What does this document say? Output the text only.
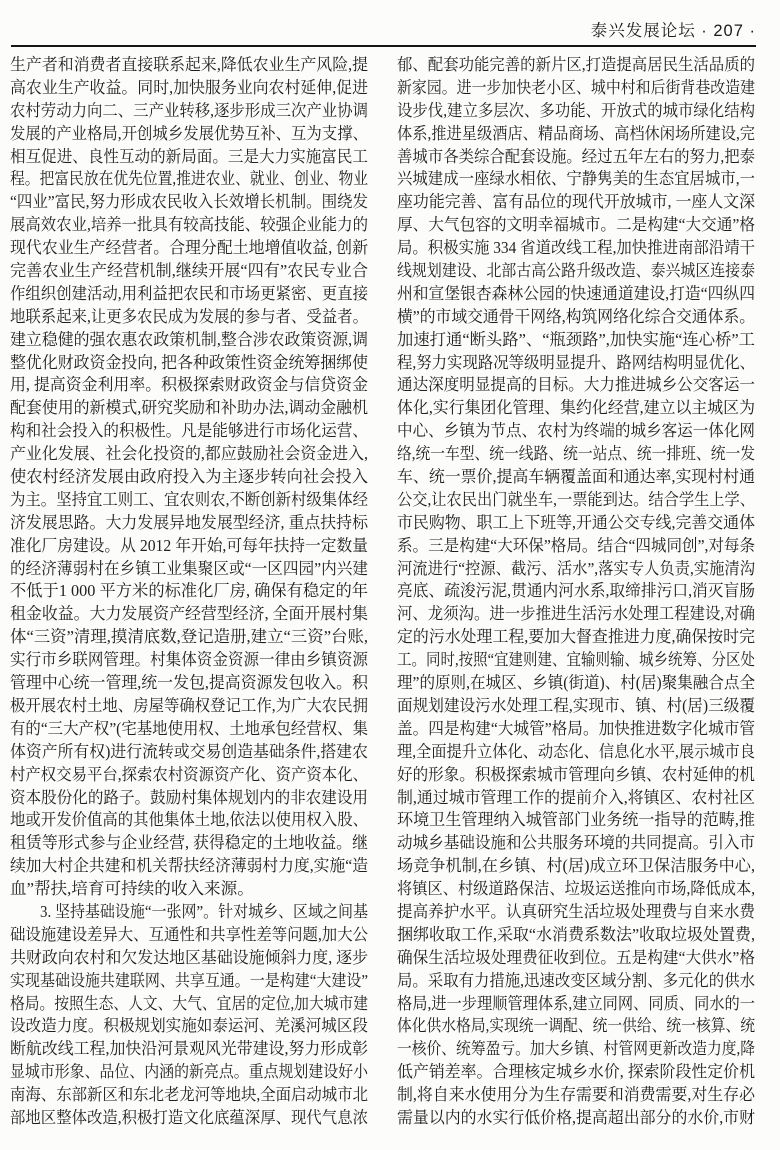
泰兴发展论坛 · 207 ·
生产者和消费者直接联系起来,降低农业生产风险,提
高农业生产收益。同时,加快服务业向农村延伸,促进
农村劳动力向二、三产业转移,逐步形成三次产业协调
发展的产业格局,开创城乡发展优势互补、互为支撑、
相互促进、良性互动的新局面。三是大力实施富民工
程。把富民放在优先位置,推进农业、就业、创业、物业
“四业”富民,努力形成农民收入长效增长机制。围绕发
展高效农业,培养一批具有较高技能、较强企业能力的
现代农业生产经营者。合理分配土地增值收益, 创新
完善农业生产经营机制,继续开展“四有”农民专业合
作组织创建活动,用利益把农民和市场更紧密、更直接
地联系起来,让更多农民成为发展的参与者、受益者。
建立稳健的强农惠农政策机制,整合涉农政策资源,调
整优化财政资金投向, 把各种政策性资金统筹捆绑使
用, 提高资金利用率。积极探索财政资金与信贷资金
配套使用的新模式,研究奖励和补助办法,调动金融机
构和社会投入的积极性。凡是能够进行市场化运营、
产业化发展、社会化投资的,都应鼓励社会资金进入,
使农村经济发展由政府投入为主逐步转向社会投入
为主。坚持宜工则工、宜农则农,不断创新村级集体经
济发展思路。大力发展异地发展型经济, 重点扶持标
准化厂房建设。从 2012 年开始,可每年扶持一定数量
的经济薄弱村在乡镇工业集聚区或“一区四园”内兴建
不低于1 000 平方米的标准化厂房, 确保有稳定的年
租金收益。大力发展资产经营型经济, 全面开展村集
体“三资”清理,摸清底数,登记造册,建立“三资”台账,
实行市乡联网管理。村集体资金资源一律由乡镇资源
管理中心统一管理,统一发包,提高资源发包收入。积
极开展农村土地、房屋等确权登记工作,为广大农民拥
有的“三大产权”(宅基地使用权、土地承包经营权、集
体资产所有权)进行流转或交易创造基础条件,搭建农
村产权交易平台,探索农村资源资产化、资产资本化、
资本股份化的路子。鼓励村集体规划内的非农建设用
地或开发价值高的其他集体土地,依法以使用权入股、
租赁等形式参与企业经营, 获得稳定的土地收益。继
续加大村企共建和机关帮扶经济薄弱村力度,实施“造
血”帮扶,培育可持续的收入来源。
　　3. 坚持基础设施“一张网”。针对城乡、区域之间基
础设施建设差异大、互通性和共享性差等问题,加大公
共财政向农村和欠发达地区基础设施倾斜力度, 逐步
实现基础设施共建联网、共享互通。一是构建“大建设”
格局。按照生态、人文、大气、宜居的定位,加大城市建
设改造力度。积极规划实施如泰运河、羌溪河城区段
断航改线工程,加快沿河景观风光带建设,努力形成彰
显城市形象、品位、内涵的新亮点。重点规划建设好小
南海、东部新区和东北老龙河等地块,全面启动城市北
部地区整体改造,积极打造文化底蕴深厚、现代气息浓
郁、配套功能完善的新片区,打造提高居民生活品质的
新家园。进一步加快老小区、城中村和后街背巷改造建
设步伐,建立多层次、多功能、开放式的城市绿化结构
体系,推进星级酒店、精品商场、高档休闲场所建设,完
善城市各类综合配套设施。经过五年左右的努力,把泰
兴城建成一座绿水相依、宁静隽美的生态宜居城市,一
座功能完善、富有品位的现代开放城市, 一座人文深
厚、大气包容的文明幸福城市。二是构建“大交通”格
局。积极实施 334 省道改线工程,加快推进南部沿靖干
线规划建设、北部古高公路升级改造、泰兴城区连接泰
州和宣堡银杏森林公园的快速通道建设,打造“四纵四
横”的市域交通骨干网络,构筑网络化综合交通体系。
加速打通“断头路”、“瓶颈路”,加快实施“连心桥”工
程,努力实现路况等级明显提升、路网结构明显优化、
通达深度明显提高的目标。大力推进城乡公交客运一
体化,实行集团化管理、集约化经营,建立以主城区为
中心、乡镇为节点、农村为终端的城乡客运一体化网
络,统一车型、统一线路、统一站点、统一排班、统一发
车、统一票价,提高车辆覆盖面和通达率,实现村村通
公交,让农民出门就坐车,一票能到达。结合学生上学、
市民购物、职工上下班等,开通公交专线,完善交通体
系。三是构建“大环保”格局。结合“四城同创”,对每条
河流进行“控源、截污、活水”,落实专人负责,实施清沟
亮底、疏浚污泥,贯通内河水系,取缔排污口,消灭盲肠
河、龙须沟。进一步推进生活污水处理工程建设,对确
定的污水处理工程,要加大督查推进力度,确保按时完
工。同时,按照“宜建则建、宜输则输、城乡统筹、分区处
理”的原则,在城区、乡镇(街道)、村(居)聚集融合点全
面规划建设污水处理工程,实现市、镇、村(居)三级覆
盖。四是构建“大城管”格局。加快推进数字化城市管
理,全面提升立体化、动态化、信息化水平,展示城市良
好的形象。积极探索城市管理向乡镇、农村延伸的机
制,通过城市管理工作的提前介入,将镇区、农村社区
环境卫生管理纳入城管部门业务统一指导的范畴,推
动城乡基础设施和公共服务环境的共同提高。引入市
场竞争机制,在乡镇、村(居)成立环卫保洁服务中心,
将镇区、村级道路保洁、垃圾运送推向市场,降低成本,
提高养护水平。认真研究生活垃圾处理费与自来水费
捆绑收取工作,采取“水消费系数法”收取垃圾处置费,
确保生活垃圾处理费征收到位。五是构建“大供水”格
局。采取有力措施,迅速改变区域分割、多元化的供水
格局,进一步理顺管理体系,建立同网、同质、同水的一
体化供水格局,实现统一调配、统一供给、统一核算、统
一核价、统筹盈亏。加大乡镇、村管网更新改造力度,降
低产销差率。合理核定城乡水价, 探索阶段性定价机
制,将自来水使用分为生存需要和消费需要,对生存必
需量以内的水实行低价格,提高超出部分的水价,市财
